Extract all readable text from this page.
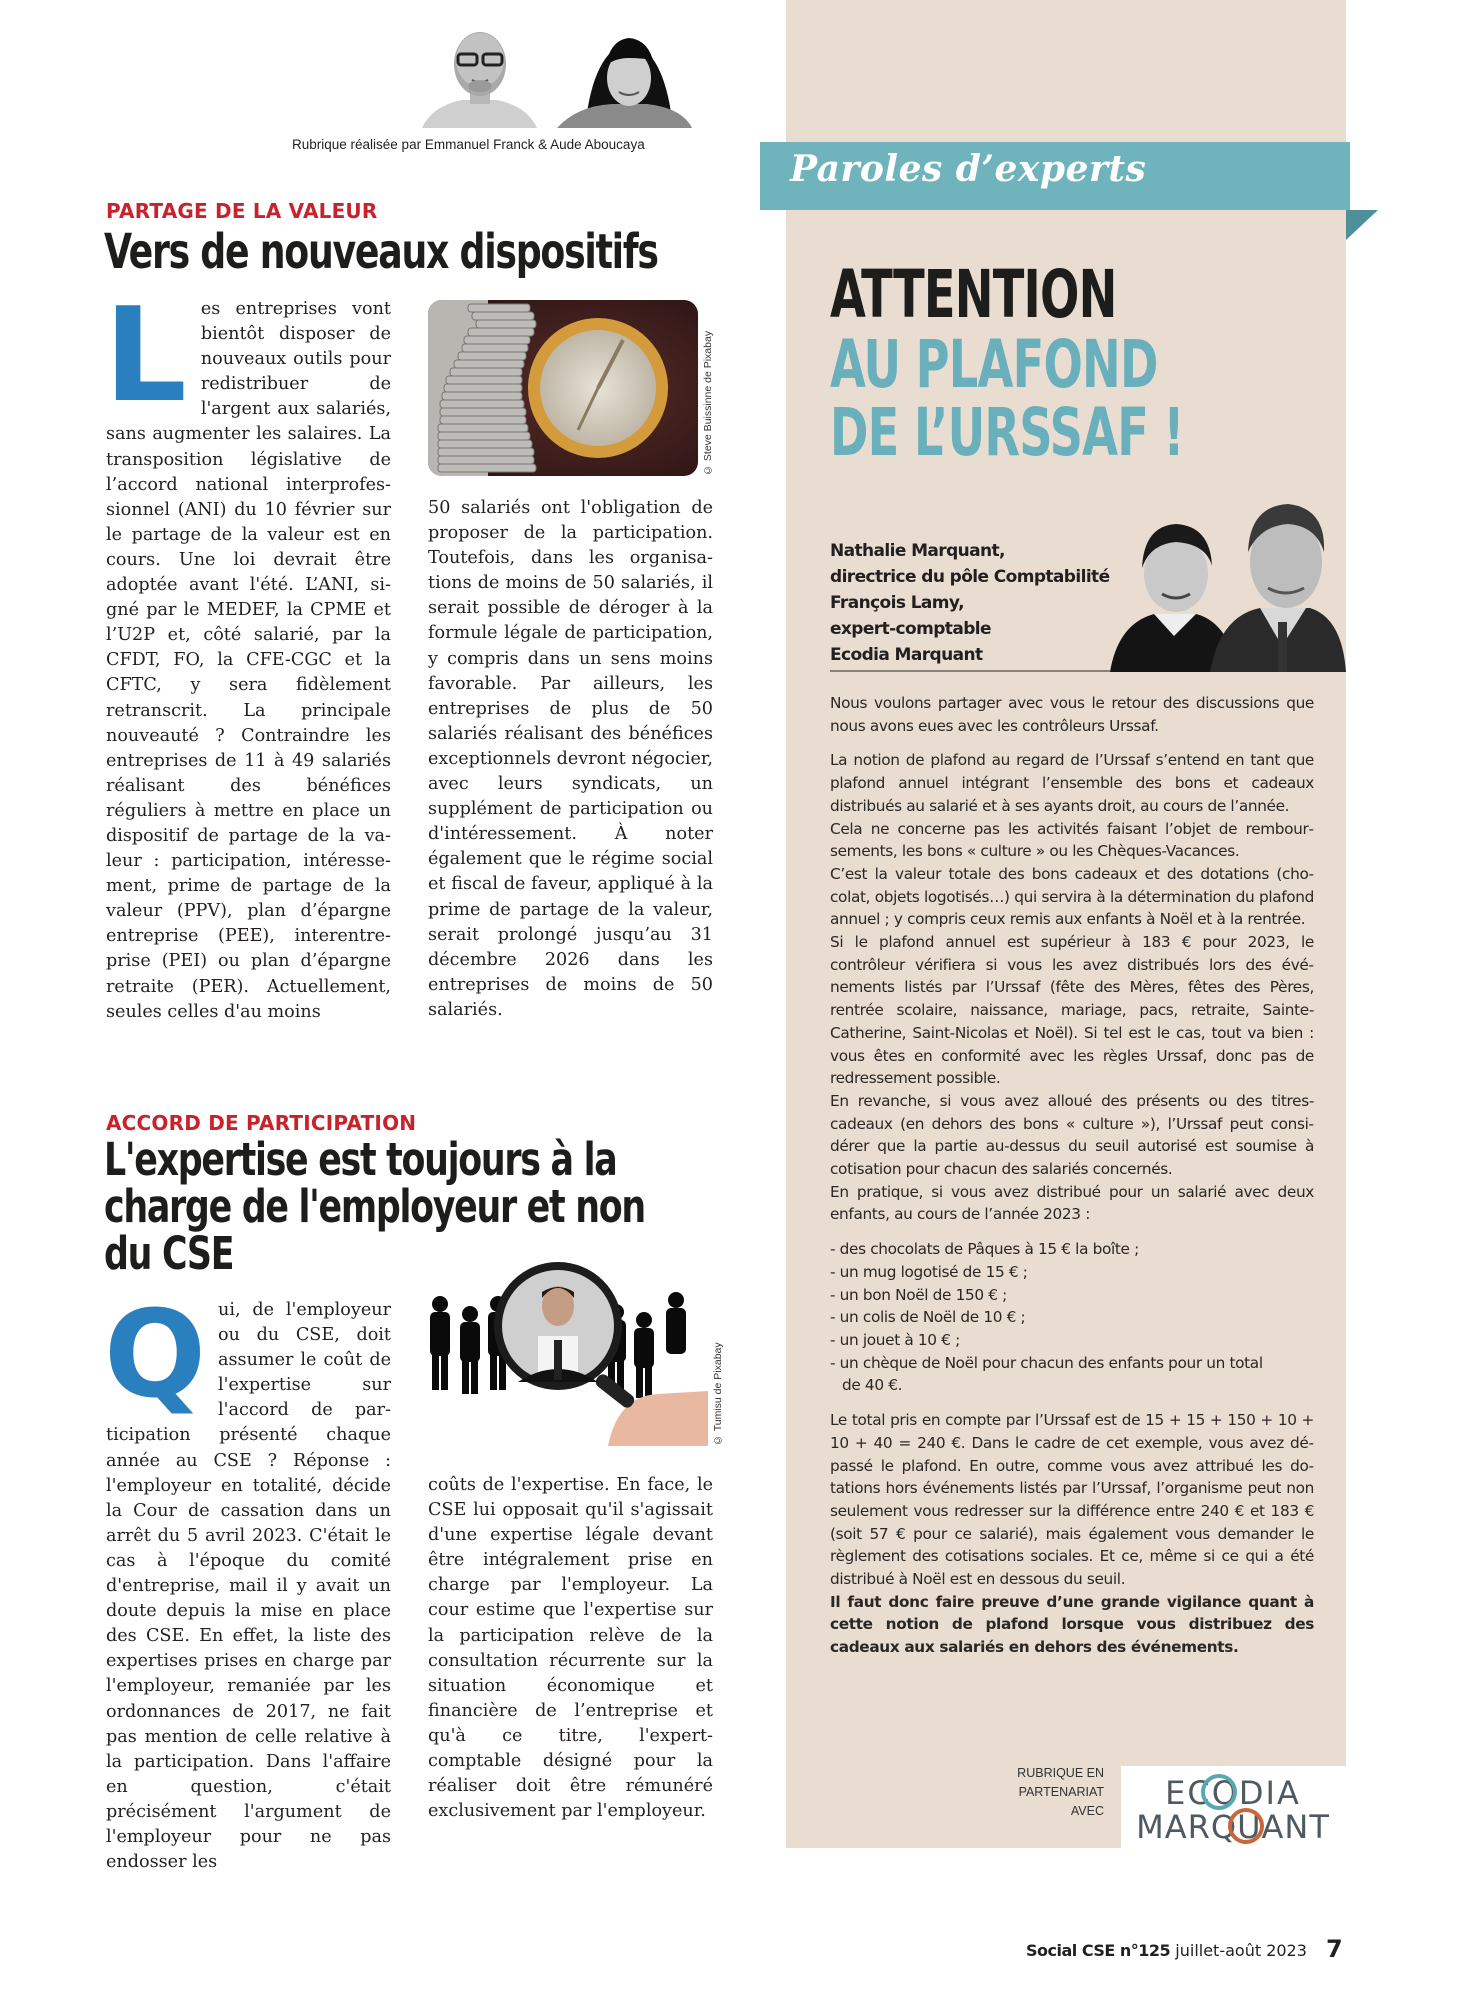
Rubrique réalisée par Emmanuel Franck & Aude Aboucaya
PARTAGE DE LA VALEUR
Vers de nouveaux dispositifs
L es entreprises vont bientôt disposer de nouveaux outils pour redistribuer de l'argent aux salariés, sans augmenter les salaires. La transposition législative de l’accord national interprofessionnel (ANI) du 10 février sur le partage de la valeur est en cours. Une loi devrait être adoptée avant l'été. L’ANI, signé par le MEDEF, la CPME et l’U2P et, côté salarié, par la CFDT, FO, la CFE-CGC et la CFTC, y sera fidèlement retranscrit. La principale nouveauté ? Contraindre les entreprises de 11 à 49 salariés réalisant des bénéfices réguliers à mettre en place un dispositif de partage de la valeur : participation, intéressement, prime de partage de la valeur (PPV), plan d’épargne entreprise (PEE), interentreprise (PEI) ou plan d’épargne retraite (PER). Actuellement, seules celles d'au moins
© Steve Buissinne de Pixabay
50 salariés ont l'obligation de proposer de la participation. Toutefois, dans les organisations de moins de 50 salariés, il serait possible de déroger à la formule légale de participation, y compris dans un sens moins favorable. Par ailleurs, les entreprises de plus de 50 salariés réalisant des bénéfices exceptionnels devront négocier, avec leurs syndicats, un supplément de participation ou d'intéressement. À noter également que le régime social et fiscal de faveur, appliqué à la prime de partage de la valeur, serait prolongé jusqu’au 31 décembre 2026 dans les entreprises de moins de 50 salariés.
ACCORD DE PARTICIPATION
L'expertise est toujours à la
charge de l'employeur et non
du CSE
Q ui, de l'employeur ou du CSE, doit assumer le coût de l'expertise sur l'accord de participation présenté chaque année au CSE ? Réponse : l'employeur en totalité, décide la Cour de cassation dans un arrêt du 5 avril 2023. C'était le cas à l'époque du comité d'entreprise, mail il y avait un doute depuis la mise en place des CSE. En effet, la liste des expertises prises en charge par l'employeur, remaniée par les ordonnances de 2017, ne fait pas mention de celle relative à la participation. Dans l'affaire en question, c'était précisément l'argument de l'employeur pour ne pas endosser les
© Tumisu de Pixabay
coûts de l'expertise. En face, le CSE lui opposait qu'il s'agissait d'une expertise légale devant être intégralement prise en charge par l'employeur. La cour estime que l'expertise sur la participation relève de la consultation récurrente sur la situation économique et financière de l’entreprise et qu'à ce titre, l'expert-comptable désigné pour la réaliser doit être rémunéré exclusivement par l'employeur.
Paroles d’experts
ATTENTION
AU PLAFOND
DE L’URSSAF !
Nathalie Marquant,
directrice du pôle Comptabilité
François Lamy,
expert-comptable
Ecodia Marquant

Nous voulons partager avec vous le retour des discussions que nous avons eues avec les contrôleurs Urssaf.

La notion de plafond au regard de l’Urssaf s’entend en tant que plafond annuel intégrant l’ensemble des bons et cadeaux distribués au salarié et à ses ayants droit, au cours de l’année.

Cela ne concerne pas les activités faisant l’objet de remboursements, les bons « culture » ou les Chèques-Vacances.

C’est la valeur totale des bons cadeaux et des dotations (chocolat, objets logotisés…) qui servira à la détermination du plafond annuel ; y compris ceux remis aux enfants à Noël et à la rentrée.

Si le plafond annuel est supérieur à 183 € pour 2023, le contrôleur vérifiera si vous les avez distribués lors des événements listés par l’Urssaf (fête des Mères, fêtes des Pères, rentrée scolaire, naissance, mariage, pacs, retraite, Sainte-Catherine, Saint-Nicolas et Noël). Si tel est le cas, tout va bien : vous êtes en conformité avec les règles Urssaf, donc pas de redressement possible.

En revanche, si vous avez alloué des présents ou des titres-cadeaux (en dehors des bons « culture »), l’Urssaf peut considérer que la partie au-dessus du seuil autorisé est soumise à cotisation pour chacun des salariés concernés.

En pratique, si vous avez distribué pour un salarié avec deux enfants, au cours de l’année 2023 :

- des chocolats de Pâques à 15 € la boîte ;

- un mug logotisé de 15 € ;

- un bon Noël de 150 € ;

- un colis de Noël de 10 € ;

- un jouet à 10 € ;

- un chèque de Noël pour chacun des enfants pour un total

de 40 €.

Le total pris en compte par l’Urssaf est de 15 + 15 + 150 + 10 + 10 + 40 = 240 €. Dans le cadre de cet exemple, vous avez dépassé le plafond. En outre, comme vous avez attribué les dotations hors événements listés par l’Urssaf, l’organisme peut non seulement vous redresser sur la différence entre 240 € et 183 € (soit 57 € pour ce salarié), mais également vous demander le règlement des cotisations sociales. Et ce, même si ce qui a été distribué à Noël est en dessous du seuil.

Il faut donc faire preuve d’une grande vigilance quant à cette notion de plafond lorsque vous distribuez des cadeaux aux salariés en dehors des événements.

RUBRIQUE EN
PARTENARIAT
AVEC ECODIA
MARQUANT
Social CSE n°125 juillet-août 2023 7
